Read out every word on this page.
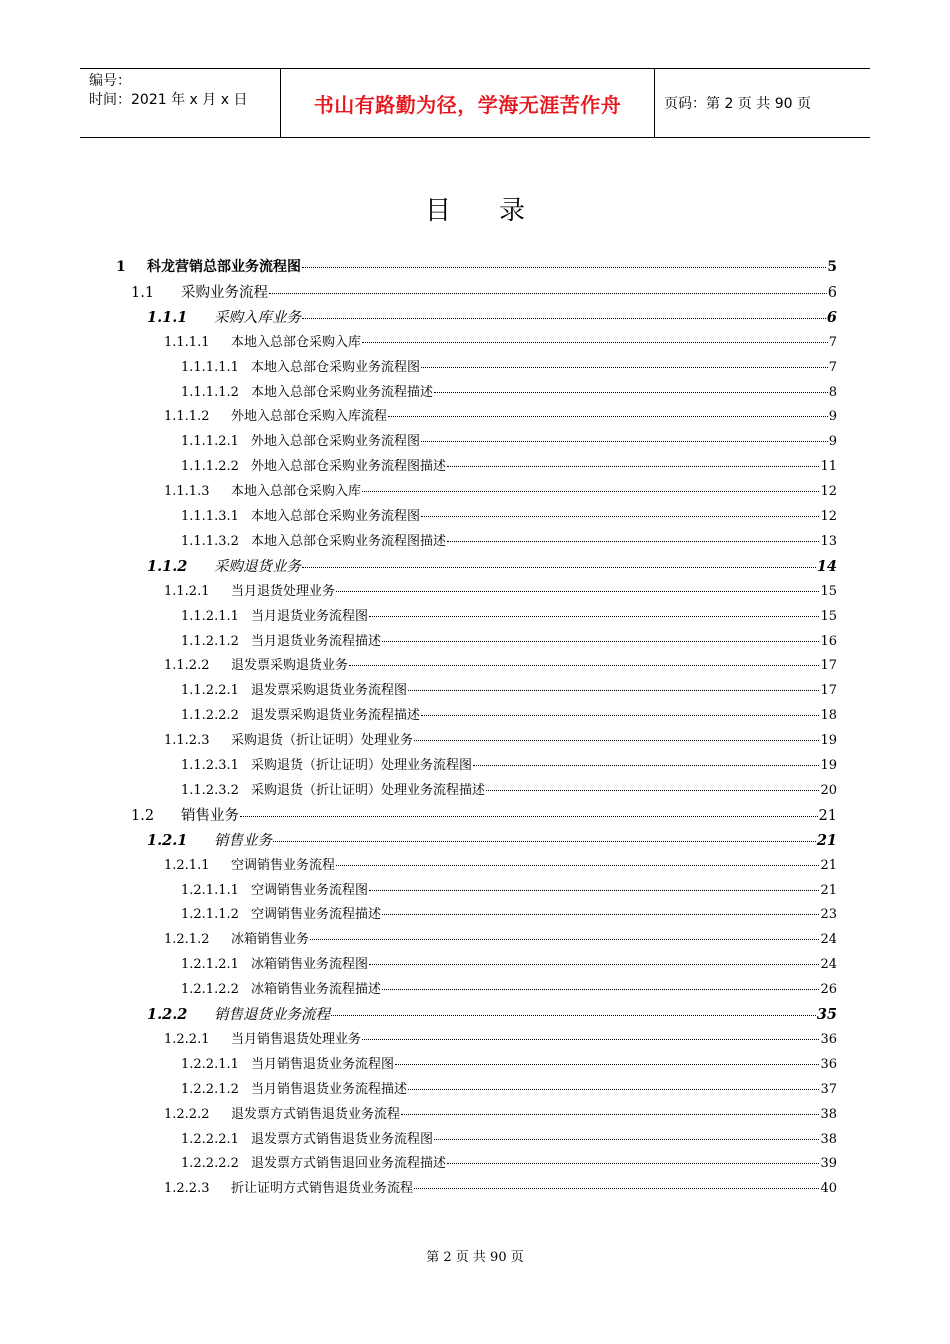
编号：
时间：2021 年 x 月 x 日	书山有路勤为径，学海无涯苦作舟	页码：第 2 页 共 90 页
目录
1	科龙营销总部业务流程图	5
1.1	采购业务流程	6
1.1.1	采购入库业务	6
1.1.1.1	本地入总部仓采购入库	7
1.1.1.1.1 本地入总部仓采购业务流程图	7
1.1.1.1.2 本地入总部仓采购业务流程描述	8
1.1.1.2	外地入总部仓采购入库流程	9
1.1.1.2.1 外地入总部仓采购业务流程图	9
1.1.1.2.2 外地入总部仓采购业务流程图描述	11
1.1.1.3	本地入总部仓采购入库	12
1.1.1.3.1 本地入总部仓采购业务流程图	12
1.1.1.3.2 本地入总部仓采购业务流程图描述	13
1.1.2	采购退货业务	14
1.1.2.1	当月退货处理业务	15
1.1.2.1.1 当月退货业务流程图	15
1.1.2.1.2 当月退货业务流程描述	16
1.1.2.2	退发票采购退货业务	17
1.1.2.2.1 退发票采购退货业务流程图	17
1.1.2.2.2 退发票采购退货业务流程描述	18
1.1.2.3	采购退货（折让证明）处理业务	19
1.1.2.3.1 采购退货（折让证明）处理业务流程图	19
1.1.2.3.2 采购退货（折让证明）处理业务流程描述	20
1.2	销售业务	21
1.2.1	销售业务	21
1.2.1.1	空调销售业务流程	21
1.2.1.1.1 空调销售业务流程图	21
1.2.1.1.2 空调销售业务流程描述	23
1.2.1.2	冰箱销售业务	24
1.2.1.2.1 冰箱销售业务流程图	24
1.2.1.2.2 冰箱销售业务流程描述	26
1.2.2	销售退货业务流程	35
1.2.2.1	当月销售退货处理业务	36
1.2.2.1.1 当月销售退货业务流程图	36
1.2.2.1.2 当月销售退货业务流程描述	37
1.2.2.2	退发票方式销售退货业务流程	38
1.2.2.2.1 退发票方式销售退货业务流程图	38
1.2.2.2.2 退发票方式销售退回业务流程描述	39
1.2.2.3	折让证明方式销售退货业务流程	40
第 2 页 共 90 页
